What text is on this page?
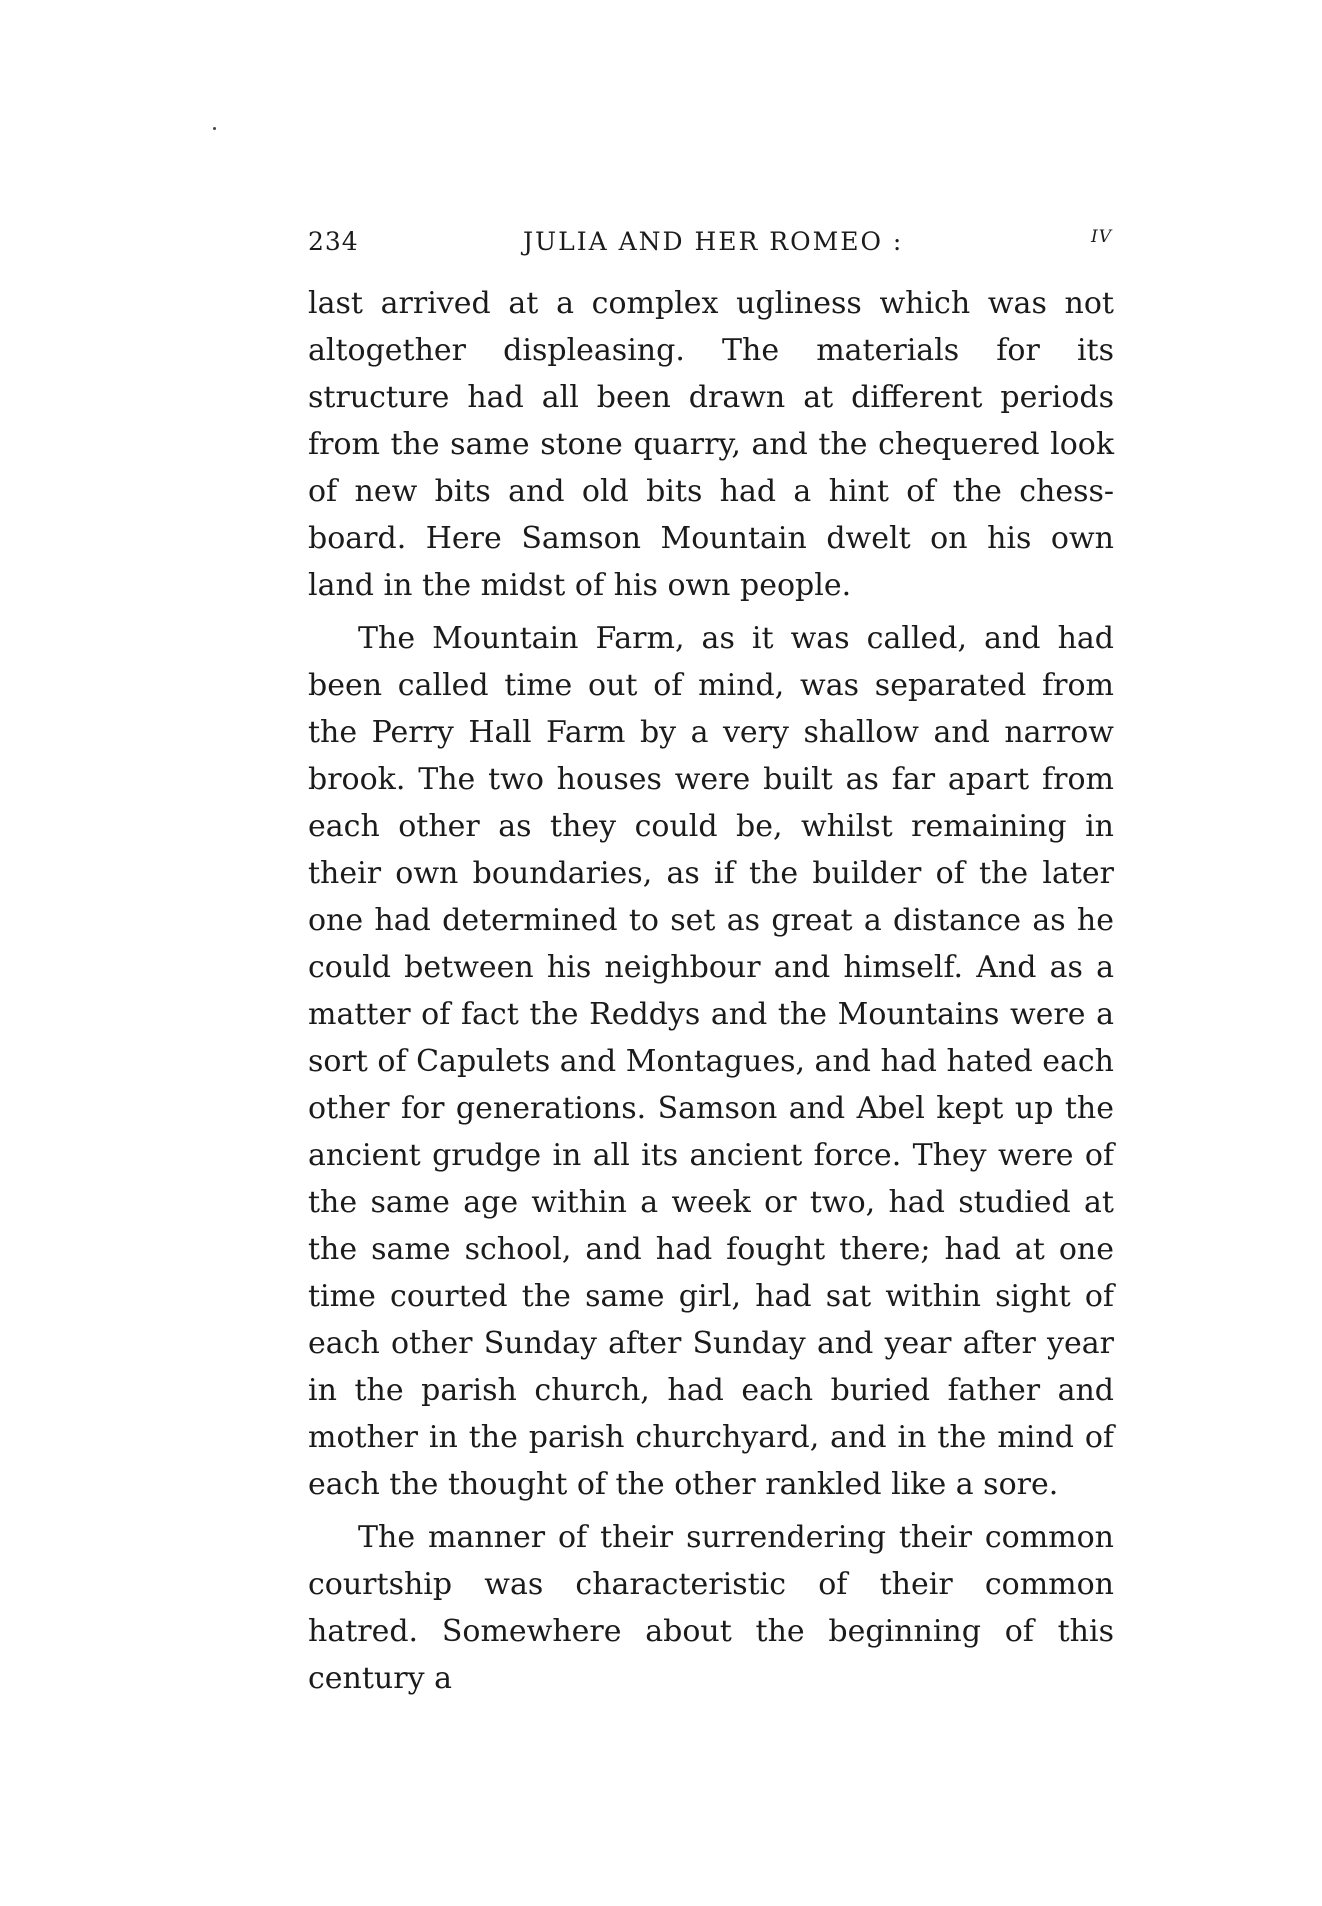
234	JULIA AND HER ROMEO :	IV

last arrived at a complex ugliness which was not altogether displeasing. The materials for its structure had all been drawn at different periods from the same stone quarry, and the chequered look of new bits and old bits had a hint of the chess-board. Here Samson Mountain dwelt on his own land in the midst of his own people.

The Mountain Farm, as it was called, and had been called time out of mind, was separated from the Perry Hall Farm by a very shallow and narrow brook. The two houses were built as far apart from each other as they could be, whilst remaining in their own boundaries, as if the builder of the later one had determined to set as great a distance as he could between his neighbour and himself. And as a matter of fact the Reddys and the Mountains were a sort of Capulets and Montagues, and had hated each other for generations. Samson and Abel kept up the ancient grudge in all its ancient force. They were of the same age within a week or two, had studied at the same school, and had fought there; had at one time courted the same girl, had sat within sight of each other Sunday after Sunday and year after year in the parish church, had each buried father and mother in the parish churchyard, and in the mind of each the thought of the other rankled like a sore.

The manner of their surrendering their common courtship was characteristic of their common hatred. Somewhere about the beginning of this century a
